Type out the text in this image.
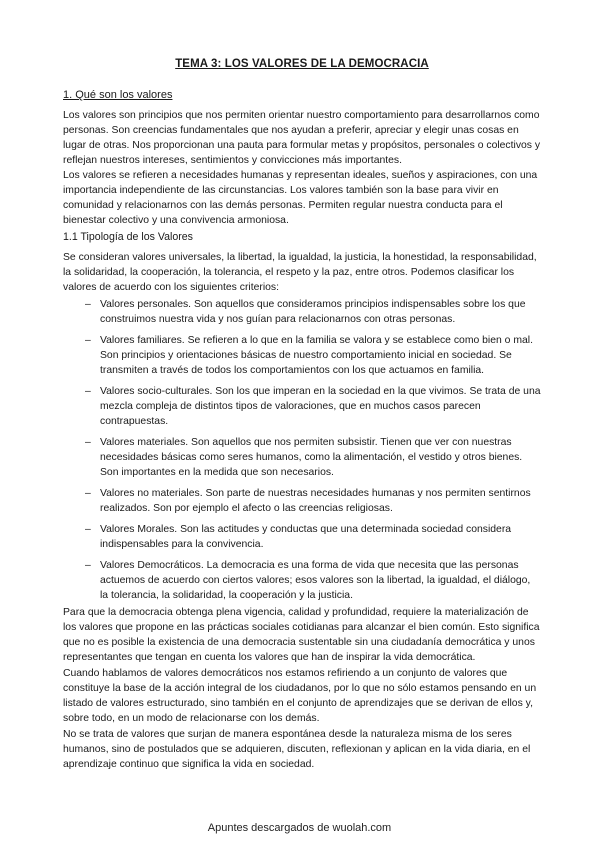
TEMA 3: LOS VALORES DE LA DEMOCRACIA
1. Qué son los valores

Los valores son principios que nos permiten orientar nuestro comportamiento para desarrollarnos como personas. Son creencias fundamentales que nos ayudan a preferir, apreciar y elegir unas cosas en lugar de otras. Nos proporcionan una pauta para formular metas y propósitos, personales o colectivos y reflejan nuestros intereses, sentimientos y convicciones más importantes.

Los valores se refieren a necesidades humanas y representan ideales, sueños y aspiraciones, con una importancia independiente de las circunstancias. Los valores también son la base para vivir en comunidad y relacionarnos con las demás personas. Permiten regular nuestra conducta para el bienestar colectivo y una convivencia armoniosa.

1.1 Tipología de los Valores

Se consideran valores universales, la libertad, la igualdad, la justicia, la honestidad, la responsabilidad, la solidaridad, la cooperación, la tolerancia, el respeto y la paz, entre otros. Podemos clasificar los valores de acuerdo con los siguientes criterios:

– Valores personales. Son aquellos que consideramos principios indispensables sobre los que construimos nuestra vida y nos guían para relacionarnos con otras personas.
– Valores familiares. Se refieren a lo que en la familia se valora y se establece como bien o mal. Son principios y orientaciones básicas de nuestro comportamiento inicial en sociedad. Se transmiten a través de todos los comportamientos con los que actuamos en familia.
– Valores socio-culturales. Son los que imperan en la sociedad en la que vivimos. Se trata de una mezcla compleja de distintos tipos de valoraciones, que en muchos casos parecen contrapuestas.
– Valores materiales. Son aquellos que nos permiten subsistir. Tienen que ver con nuestras necesidades básicas como seres humanos, como la alimentación, el vestido y otros bienes. Son importantes en la medida que son necesarios.
– Valores no materiales. Son parte de nuestras necesidades humanas y nos permiten sentirnos realizados. Son por ejemplo el afecto o las creencias religiosas.
– Valores Morales. Son las actitudes y conductas que una determinada sociedad considera indispensables para la convivencia.
– Valores Democráticos. La democracia es una forma de vida que necesita que las personas actuemos de acuerdo con ciertos valores; esos valores son la libertad, la igualdad, el diálogo, la tolerancia, la solidaridad, la cooperación y la justicia.

Para que la democracia obtenga plena vigencia, calidad y profundidad, requiere la materialización de los valores que propone en las prácticas sociales cotidianas para alcanzar el bien común. Esto significa que no es posible la existencia de una democracia sustentable sin una ciudadanía democrática y unos representantes que tengan en cuenta los valores que han de inspirar la vida democrática.

Cuando hablamos de valores democráticos nos estamos refiriendo a un conjunto de valores que constituye la base de la acción integral de los ciudadanos, por lo que no sólo estamos pensando en un listado de valores estructurado, sino también en el conjunto de aprendizajes que se derivan de ellos y, sobre todo, en un modo de relacionarse con los demás.

No se trata de valores que surjan de manera espontánea desde la naturaleza misma de los seres humanos, sino de postulados que se adquieren, discuten, reflexionan y aplican en la vida diaria, en el aprendizaje continuo que significa la vida en sociedad.

Apuntes descargados de wuolah.com
